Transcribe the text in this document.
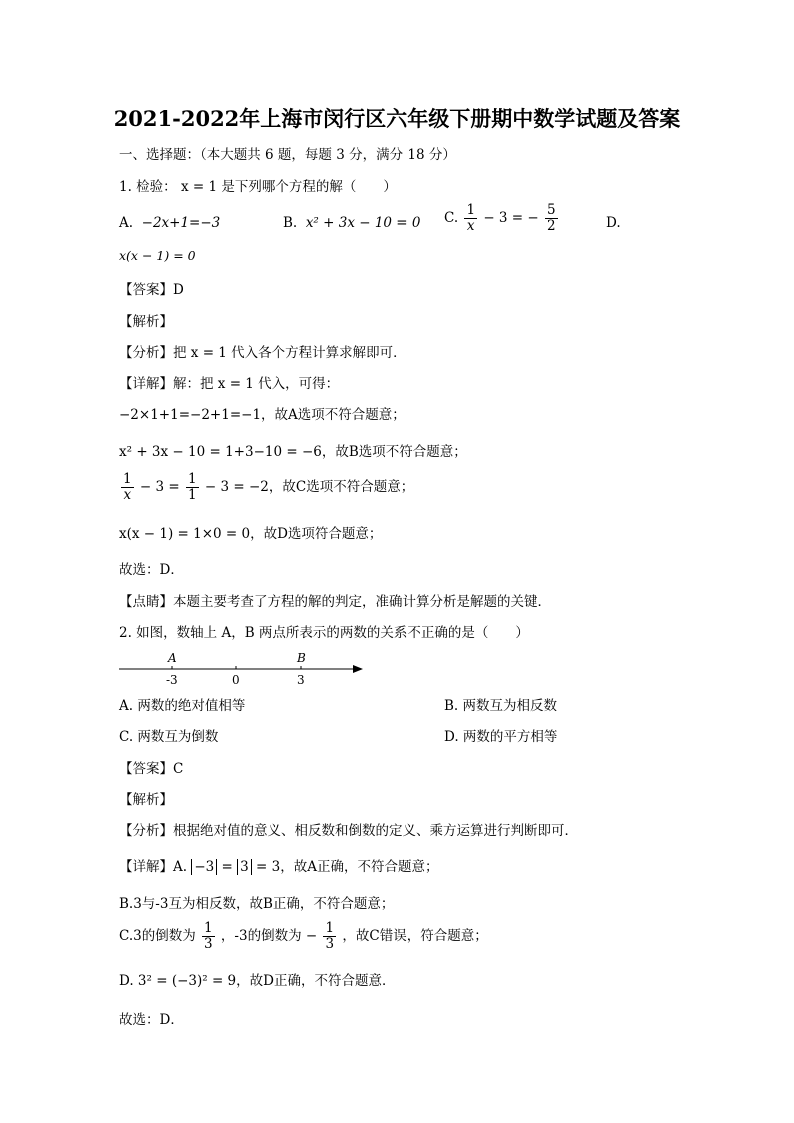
2021-2022年上海市闵行区六年级下册期中数学试题及答案
一、选择题：（本大题共 6 题，每题 3 分，满分 18 分）
1. 检验： x = 1 是下列哪个方程的解（　　）
A. −2x+1=−3	B. x² + 3x − 10 = 0 C. $\frac{1}{x} - 3$ = − $\frac{5}{2}$	D.
x(x − 1) = 0
【答案】D
【解析】
【分析】把 x = 1 代入各个方程计算求解即可．
【详解】解：把 x = 1 代入，可得：
−2×1+1=−2+1=−1，故A选项不符合题意；
x² + 3x − 10 = 1+3−10 = −6，故B选项不符合题意；
$\frac{1}{x} - 3 = \frac{1}{1} - 3 = -2$，故C选项不符合题意；
x(x − 1) = 1×0 = 0，故D选项符合题意；
故选：D．
【点睛】本题主要考查了方程的解的判定，准确计算分析是解题的关键．
2. 如图，数轴上 A，B 两点所表示的两数的关系不正确的是（　　）
A	B
-3	0	3
A. 两数的绝对值相等	B. 两数互为相反数
C. 两数互为倒数	D. 两数的平方相等
【答案】C
【解析】
【分析】根据绝对值的意义、相反数和倒数的定义、乘方运算进行判断即可．
【详解】A. −3 = 3 = 3，故A正确，不符合题意；
B.3与-3互为相反数，故B正确，不符合题意；
C.3的倒数为 $\frac{1}{3}$ ，-3的倒数为 − $\frac{1}{3}$ ，故C错误，符合题意；
D. 3² = (−3)² = 9，故D正确，不符合题意．
故选：D．
